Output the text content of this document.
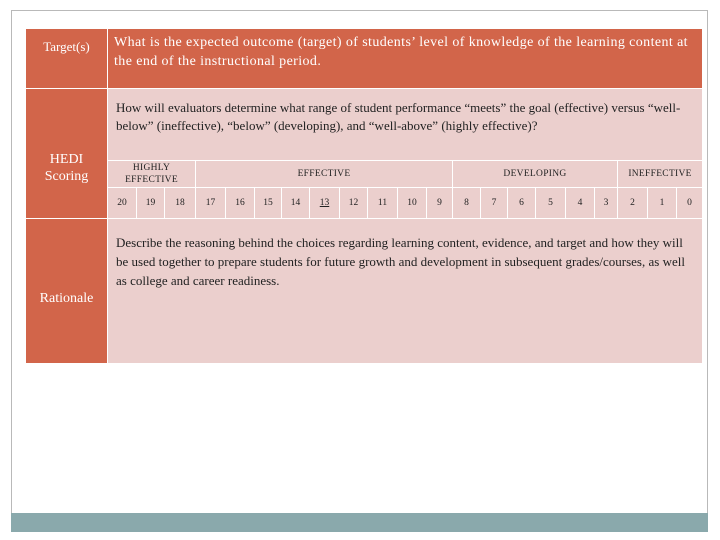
Target(s)	What is the expected outcome (target) of students’ level of knowledge of the learning content at the end of the instructional period.																				
HEDI Scoring	How will evaluators determine what range of student performance “meets” the goal (effective) versus “well-below” (ineffective), “below” (developing), and “well-above” (highly effective)?																				
	HIGHLY EFFECTIVE			EFFECTIVE									DEVELOPING						INEFFECTIVE		
	20	19	18	17	16	15	14	13	12	11	10	9	8	7	6	5	4	3	2	1	0
Rationale	Describe the reasoning behind the choices regarding learning content, evidence, and target and how they will be used together to prepare students for future growth and development in subsequent grades/courses, as well as college and career readiness.																				
